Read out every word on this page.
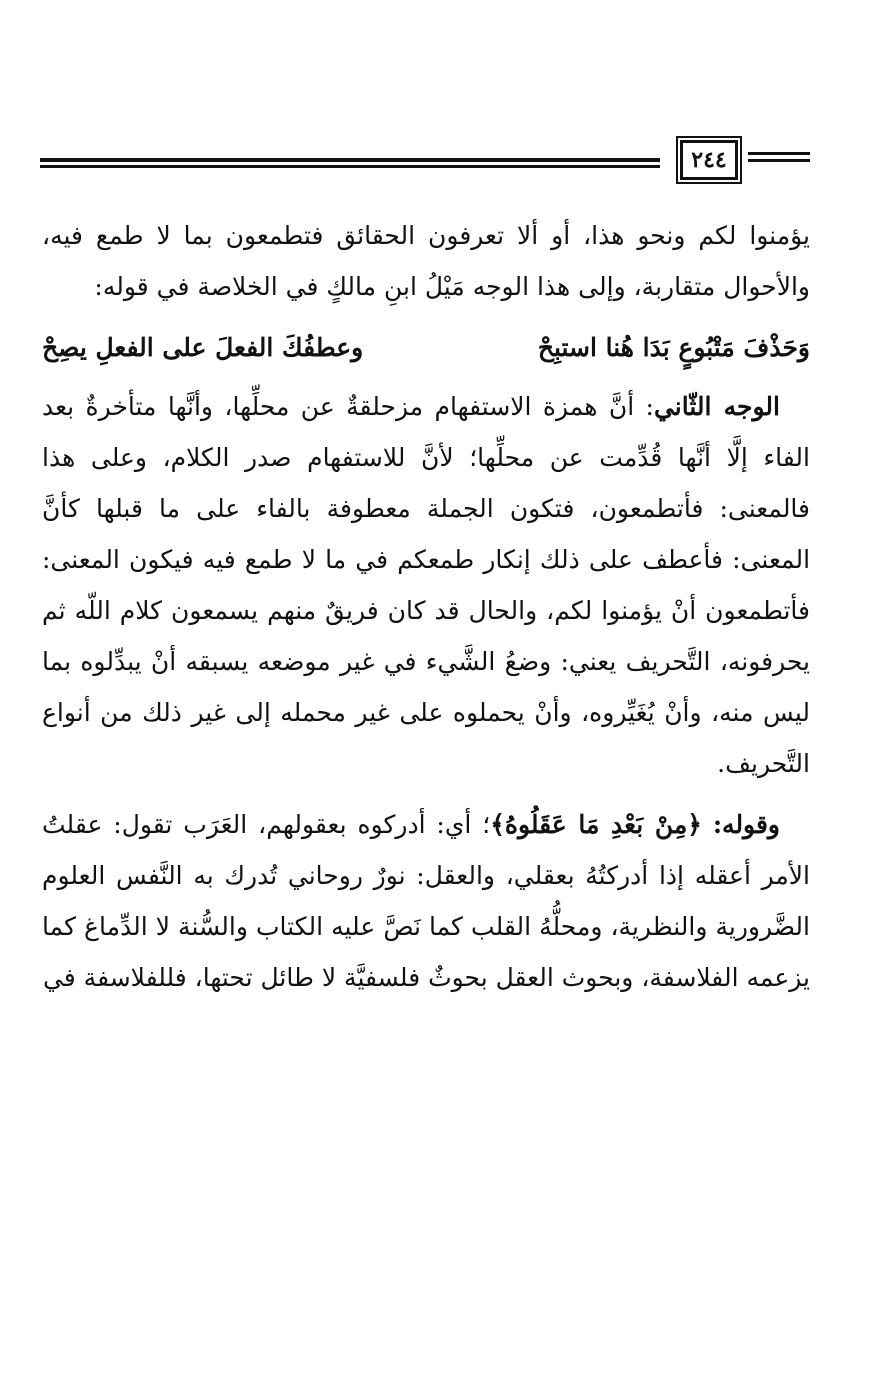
٢٤٤

يؤمنوا لكم ونحو هذا، أو ألا تعرفون الحقائق فتطمعون بما لا طمع فيه، والأحوال متقاربة، وإلى هذا الوجه مَيْلُ ابنِ مالكٍ في الخلاصة في قوله:

وَحَذْفَ مَتْبُوعٍ بَدَا هُنا استبِحْ
وعطفُكَ الفعلَ على الفعلِ يصِحْ

الوجه الثّاني: أنَّ همزة الاستفهام مزحلقةٌ عن محلِّها، وأنَّها متأخرةٌ بعد الفاء إلَّا أنَّها قُدِّمت عن محلِّها؛ لأنَّ للاستفهام صدر الكلام، وعلى هذا فالمعنى: فأتطمعون، فتكون الجملة معطوفة بالفاء على ما قبلها كأنَّ المعنى: فأعطف على ذلك إنكار طمعكم في ما لا طمع فيه فيكون المعنى: فأتطمعون أنْ يؤمنوا لكم، والحال قد كان فريقٌ منهم يسمعون كلام اللّه ثم يحرفونه، التَّحريف يعني: وضعُ الشَّيء في غير موضعه يسبقه أنْ يبدِّلوه بما ليس منه، وأنْ يُغَيِّروه، وأنْ يحملوه على غير محمله إلى غير ذلك من أنواع التَّحريف.

وقوله: ﴿مِنْ بَعْدِ مَا عَقَلُوهُ﴾؛ أي: أدركوه بعقولهم، العَرَب تقول: عقلتُ الأمر أعقله إذا أدركتُهُ بعقلي، والعقل: نورٌ روحاني تُدرك به النَّفس العلوم الضَّرورية والنظرية، ومحلُّهُ القلب كما نَصَّ عليه الكتاب والسُّنة لا الدِّماغ كما يزعمه الفلاسفة، وبحوث العقل بحوثٌ فلسفيَّة لا طائل تحتها، فللفلاسفة في
